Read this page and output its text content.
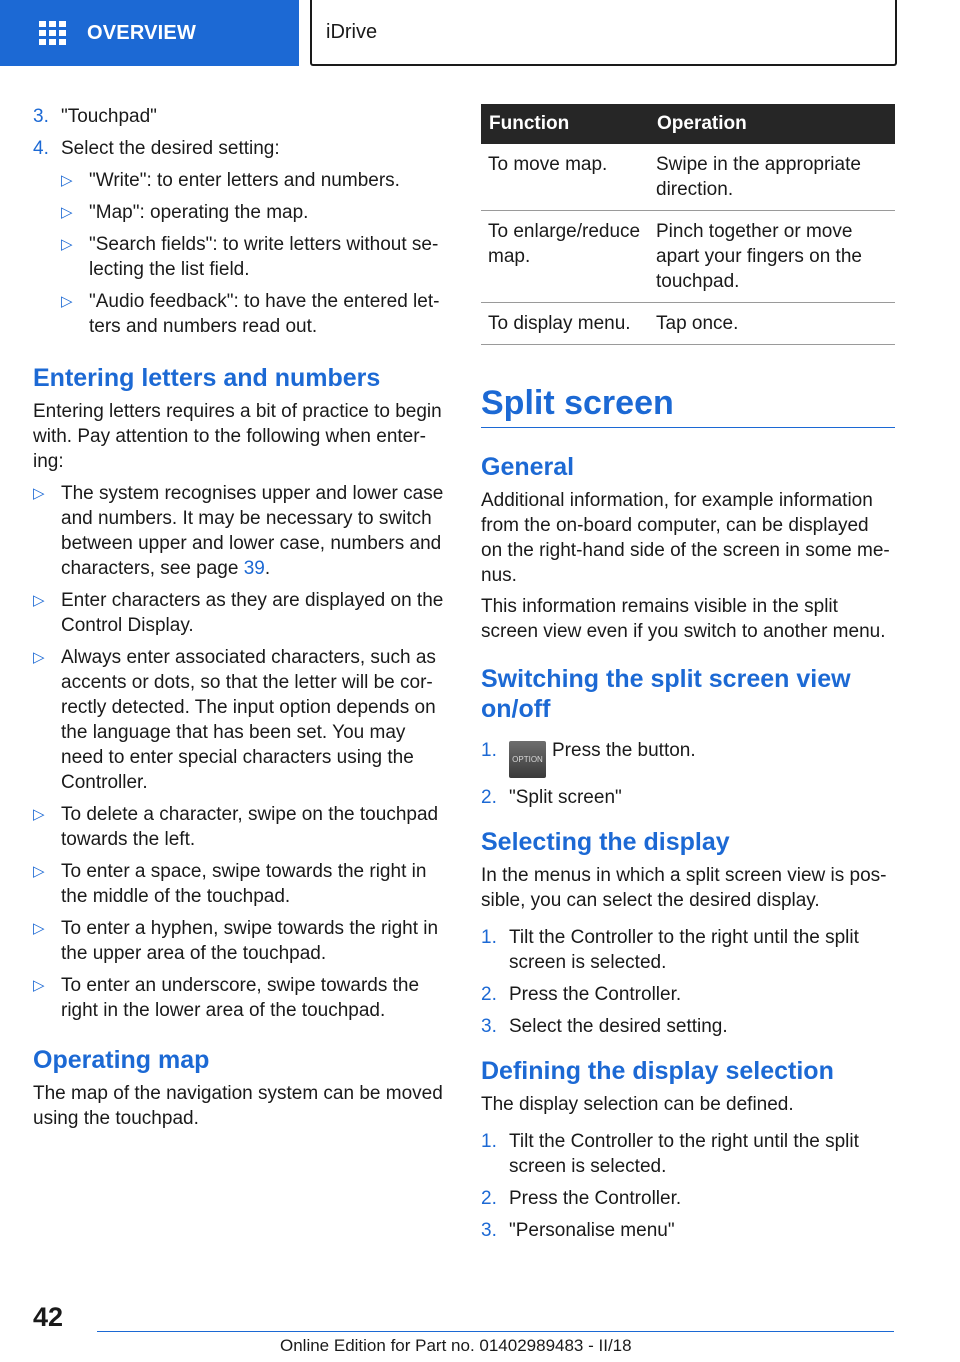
OVERVIEW	iDrive
3. "Touchpad"
4. Select the desired setting:
▷ "Write": to enter letters and numbers.
▷ "Map": operating the map.
▷ "Search fields": to write letters without se-lecting the list field.
▷ "Audio feedback": to have the entered let-ters and numbers read out.
Entering letters and numbers

Entering letters requires a bit of practice to begin with. Pay attention to the following when enter-ing:

▷ The system recognises upper and lower case and numbers. It may be necessary to switch between upper and lower case, numbers and characters, see page 39.
▷ Enter characters as they are displayed on the Control Display.
▷ Always enter associated characters, such as accents or dots, so that the letter will be cor-rectly detected. The input option depends on the language that has been set. You may need to enter special characters using the Controller.
▷ To delete a character, swipe on the touchpad towards the left.
▷ To enter a space, swipe towards the right in the middle of the touchpad.
▷ To enter a hyphen, swipe towards the right in the upper area of the touchpad.
▷ To enter an underscore, swipe towards the right in the lower area of the touchpad.
Operating map

The map of the navigation system can be moved using the touchpad.

Function	Operation
To move map.	Swipe in the appropriate direction.
To enlarge/reduce map.	Pinch together or move apart your fingers on the touchpad.
To display menu.	Tap once.
Split screen
General

Additional information, for example information from the on-board computer, can be displayed on the right-hand side of the screen in some me-nus.

This information remains visible in the split screen view even if you switch to another menu.

Switching the split screen view on/off
1. OPTION Press the button.
2. "Split screen"
Selecting the display

In the menus in which a split screen view is pos-sible, you can select the desired display.

1. Tilt the Controller to the right until the split screen is selected.
2. Press the Controller.
3. Select the desired setting.
Defining the display selection

The display selection can be defined.

1. Tilt the Controller to the right until the split screen is selected.
2. Press the Controller.
3. "Personalise menu"
42
Online Edition for Part no. 01402989483 - II/18
